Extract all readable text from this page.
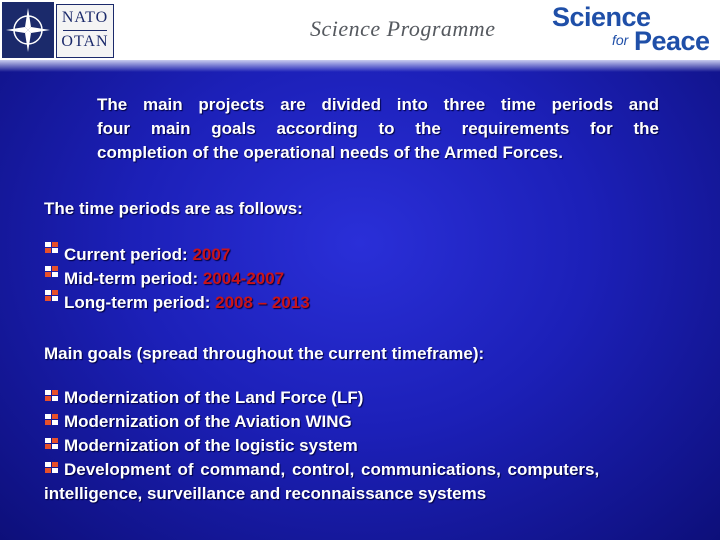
NATO
OTAN
Science Programme Science
for Peace
The main projects are divided into three time periods and
four main goals according to the requirements for the
completion of the operational needs of the Armed Forces.
The time periods are as follows:
Current period: 2007
Mid-term period: 2004-2007
Long-term period: 2008 – 2013
Main goals (spread throughout the current timeframe):
Modernization of the Land Force (LF)
Modernization of the Aviation WING
Modernization of the logistic system
Development of command, control, communications, computers,
intelligence, surveillance and reconnaissance systems
